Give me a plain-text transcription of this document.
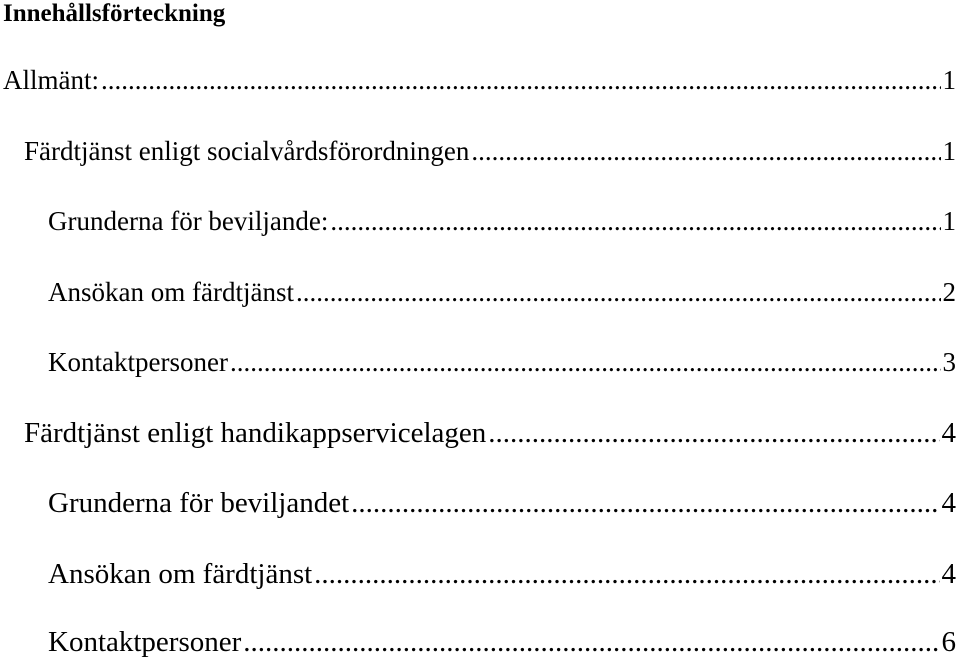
Innehållsförteckning
Allmänt: .....	1
Färdtjänst enligt socialvårdsförordningen .....	1
Grunderna för beviljande: .....	1
Ansökan om färdtjänst .....	2
Kontaktpersoner .....	3
Färdtjänst enligt handikappservicelagen .....	4
Grunderna för beviljandet .....	4
Ansökan om färdtjänst .....	4
Kontaktpersoner .....	6
